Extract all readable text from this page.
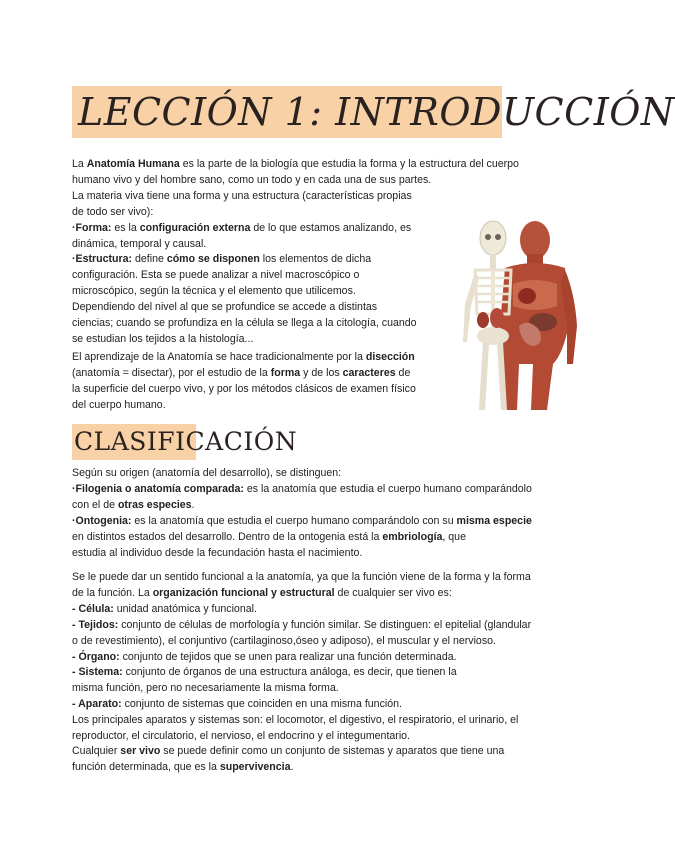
LECCIÓN 1: INTRODUCCIÓN
La Anatomía Humana es la parte de la biología que estudia la forma y la estructura del cuerpo
humano vivo y del hombre sano, como un todo y en cada una de sus partes.
La materia viva tiene una forma y una estructura (características propias
de todo ser vivo):
·Forma: es la configuración externa de lo que estamos analizando, es
dinámica, temporal y causal.
·Estructura: define cómo se disponen los elementos de dicha
configuración. Esta se puede analizar a nivel macroscópico o
microscópico, según la técnica y el elemento que utilicemos.
Dependiendo del nivel al que se profundice se accede a distintas
ciencias; cuando se profundiza en la célula se llega a la citología, cuando
se estudian los tejidos a la histología...
El aprendizaje de la Anatomía se hace tradicionalmente por la disección
(anatomía = disectar), por el estudio de la forma y de los caracteres de
la superficie del cuerpo vivo, y por los métodos clásicos de examen físico
del cuerpo humano.
CLASIFICACIÓN
Según su origen (anatomía del desarrollo), se distinguen:
·Filogenia o anatomía comparada: es la anatomía que estudia el cuerpo humano comparándolo
con el de otras especies.
·Ontogenia: es la anatomía que estudia el cuerpo humano comparándolo con su misma especie
en distintos estados del desarrollo. Dentro de la ontogenia está la embriología, que
estudia al individuo desde la fecundación hasta el nacimiento.
Se le puede dar un sentido funcional a la anatomía, ya que la función viene de la forma y la forma
de la función. La organización funcional y estructural de cualquier ser vivo es:
- Célula: unidad anatómica y funcional.
- Tejidos: conjunto de células de morfología y función similar. Se distinguen: el epitelial (glandular
o de revestimiento), el conjuntivo (cartilaginoso,óseo y adiposo), el muscular y el nervioso.
- Órgano: conjunto de tejidos que se unen para realizar una función determinada.
- Sistema: conjunto de órganos de una estructura análoga, es decir, que tienen la
misma función, pero no necesariamente la misma forma.
- Aparato: conjunto de sistemas que coinciden en una misma función.
Los principales aparatos y sistemas son: el locomotor, el digestivo, el respiratorio, el urinario, el
reproductor, el circulatorio, el nervioso, el endocrino y el integumentario.
Cualquier ser vivo se puede definir como un conjunto de sistemas y aparatos que tiene una
función determinada, que es la supervivencia.
